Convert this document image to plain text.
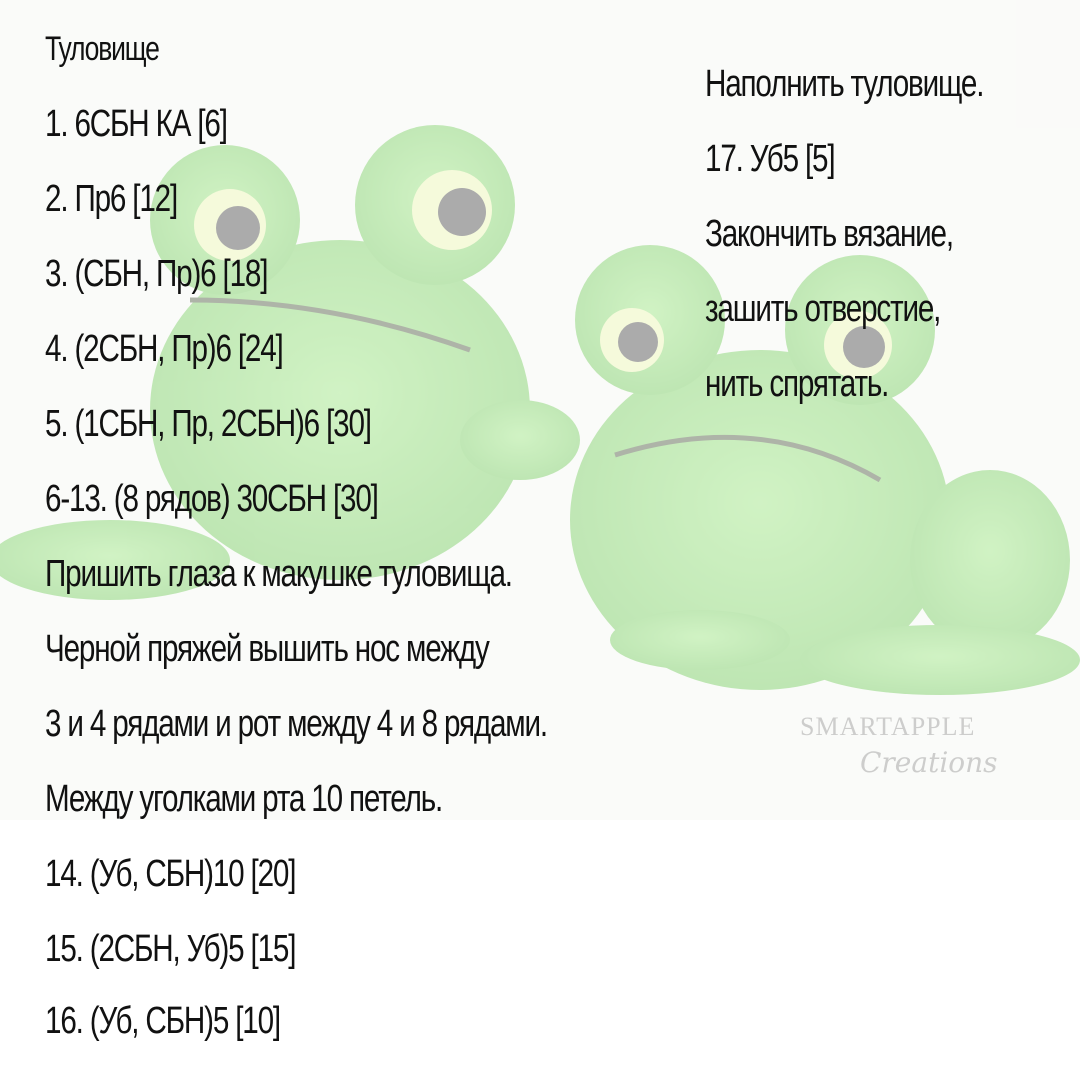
SMARTAPPLE
Creations

Туловище

1. 6СБН КА [6]

2. Пр6 [12]

3. (СБН, Пр)6 [18]

4. (2СБН, Пр)6 [24]

5. (1СБН, Пр, 2СБН)6 [30]

6-13. (8 рядов) 30СБН [30]

Пришить глаза к макушке туловища.

Черной пряжей вышить нос между

3 и 4 рядами и рот между 4 и 8 рядами.

Между уголками рта 10 петель.

14. (Уб, СБН)10 [20]

15. (2СБН, Уб)5 [15]

16. (Уб, СБН)5 [10]

Наполнить туловище.

17. Уб5 [5]

Закончить вязание,

зашить отверстие,

нить спрятать.
